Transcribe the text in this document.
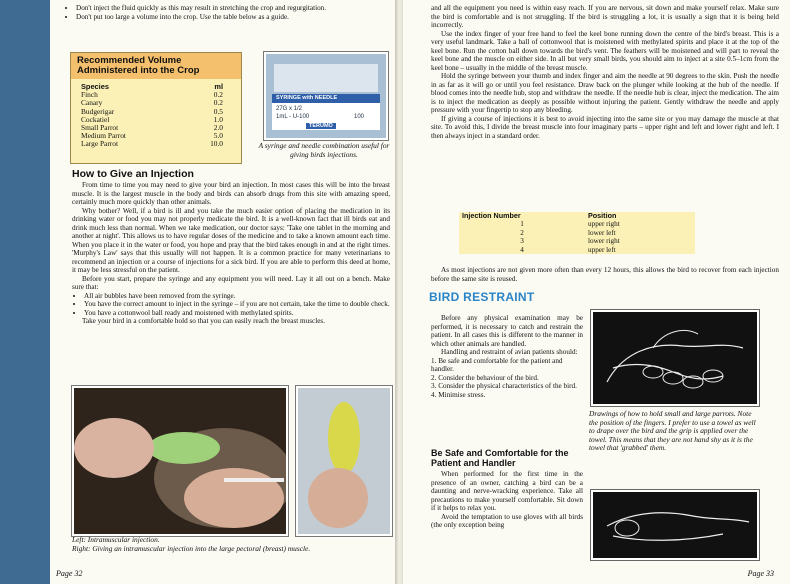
• Don't inject the fluid quickly as this may result in stretching the crop and regurgitation.
• Don't put too large a volume into the crop. Use the table below as a guide.
Recommended Volume
Administered into the Crop
Species	ml
Finch	0.2
Canary	0.2
Budgerigar	0.5
Cockatiel	1.0
Small Parrot	2.0
Medium Parrot	5.0
Large Parrot	10.0
SYRINGE with NEEDLE
27G x 1/2
1mL - U-100	100
TERUMO
A syringe and needle combination useful for giving birds injections.
How to Give an Injection

From time to time you may need to give your bird an injection. In most cases this will be into the breast muscle. It is the largest muscle in the body and birds can absorb drugs from this site with amazing speed, certainly much more quickly than other animals.

Why bother? Well, if a bird is ill and you take the much easier option of placing the medication in its drinking water or food you may not properly medicate the bird. It is a well-known fact that ill birds eat and drink much less than normal. When we take medication, our doctor says: 'Take one tablet in the morning and another at night'. This allows us to have regular doses of the medicine and to take a known amount each time. When you place it in the water or food, you hope and pray that the bird takes enough in and at the right times. 'Murphy's Law' says that this usually will not happen. It is a common practice for many veterinarians to recommend an injection or a course of injections for a sick bird. If you are able to perform this deed at home, it may be less stressful on the patient.

Before you start, prepare the syringe and any equipment you will need. Lay it all out on a bench. Make sure that:

• All air bubbles have been removed from the syringe.
• You have the correct amount to inject in the syringe – if you are not certain, take the time to double check.
• You have a cottonwool ball ready and moistened with methylated spirits.

Take your bird in a comfortable hold so that you can easily reach the breast muscles.

Left: Intramuscular injection.
Right: Giving an intramuscular injection into the large pectoral (breast) muscle.
Page 32

and all the equipment you need is within easy reach. If you are nervous, sit down and make yourself relax. Make sure the bird is comfortable and is not struggling. If the bird is struggling a lot, it is usually a sign that it is being held incorrectly.

Use the index finger of your free hand to feel the keel bone running down the centre of the bird's breast. This is a very useful landmark. Take a ball of cottonwool that is moistened with methylated spirits and place it at the top of the keel bone. Run the cotton ball down towards the bird's vent. The feathers will be moistened and will part to reveal the keel bone and the muscle on either side. In all but very small birds, you should aim to inject at a site 0.5–1cm from the keel bone – usually in the middle of the breast muscle.

Hold the syringe between your thumb and index finger and aim the needle at 90 degrees to the skin. Push the needle in as far as it will go or until you feel resistance. Draw back on the plunger while looking at the hub of the needle. If blood comes into the needle hub, stop and withdraw the needle. If the needle hub is clear, inject the medication. The aim is to inject the medication as deeply as possible without injuring the patient. Gently withdraw the needle and apply pressure with your fingertip to stop any bleeding.

If giving a course of injections it is best to avoid injecting into the same site or you may damage the muscle at that site. To avoid this, I divide the breast muscle into four imaginary parts – upper right and left and lower right and left. I then always inject in a standard order.

Injection Number	Position
1	upper right
2	lower left
3	lower right
4	upper left

As most injections are not given more often than every 12 hours, this allows the bird to recover from each injection before the same site is reused.

BIRD RESTRAINT

Before any physical examination may be performed, it is necessary to catch and restrain the patient. In all cases this is different to the manner in which other animals are handled.

Handling and restraint of avian patients should:

1. Be safe and comfortable for the patient and handler.
2. Consider the behaviour of the bird.
3. Consider the physical characteristics of the bird.
4. Minimise stress.
Be Safe and Comfortable for the Patient and Handler

When performed for the first time in the presence of an owner, catching a bird can be a daunting and nerve-wracking experience. Take all precautions to make yourself comfortable. Sit down if it helps to relax you.

Avoid the temptation to use gloves with all birds (the only exception being

Drawings of how to hold small and large parrots. Note the position of the fingers. I prefer to use a towel as well to drape over the bird and the grip is applied over the towel. This means that they are not hand shy as it is the towel that 'grabbed' them.
Page 33
